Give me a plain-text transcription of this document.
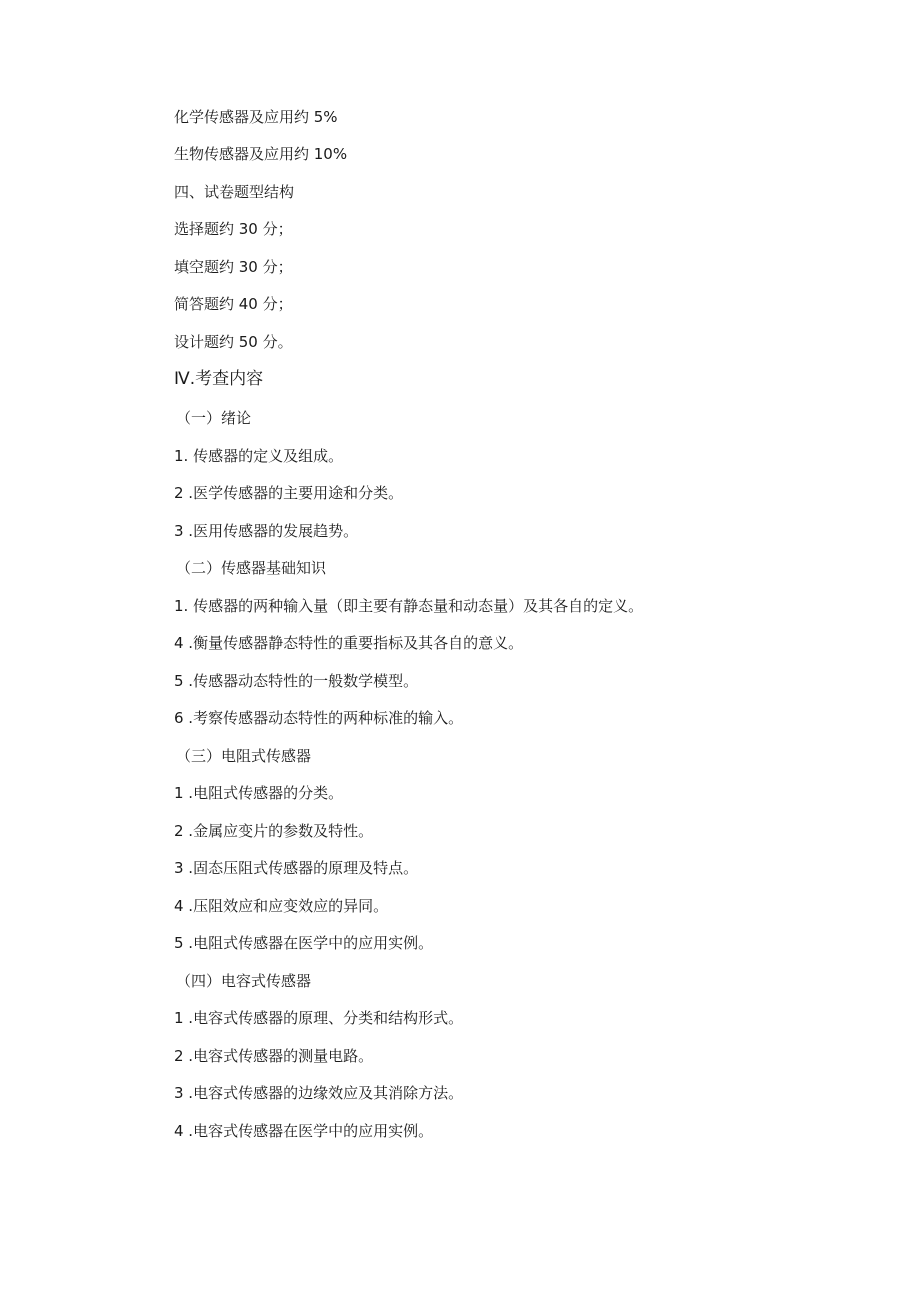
化学传感器及应用约 5%
生物传感器及应用约 10%
四、试卷题型结构
选择题约 30 分；
填空题约 30 分；
简答题约 40 分；
设计题约 50 分。
Ⅳ.考查内容
（一）绪论
1. 传感器的定义及组成。
2 .医学传感器的主要用途和分类。
3 .医用传感器的发展趋势。
（二）传感器基础知识
1. 传感器的两种输入量（即主要有静态量和动态量）及其各自的定义。
4 .衡量传感器静态特性的重要指标及其各自的意义。
5 .传感器动态特性的一般数学模型。
6 .考察传感器动态特性的两种标准的输入。
（三）电阻式传感器
1 .电阻式传感器的分类。
2 .金属应变片的参数及特性。
3 .固态压阻式传感器的原理及特点。
4 .压阻效应和应变效应的异同。
5 .电阻式传感器在医学中的应用实例。
（四）电容式传感器
1 .电容式传感器的原理、分类和结构形式。
2 .电容式传感器的测量电路。
3 .电容式传感器的边缘效应及其消除方法。
4 .电容式传感器在医学中的应用实例。
